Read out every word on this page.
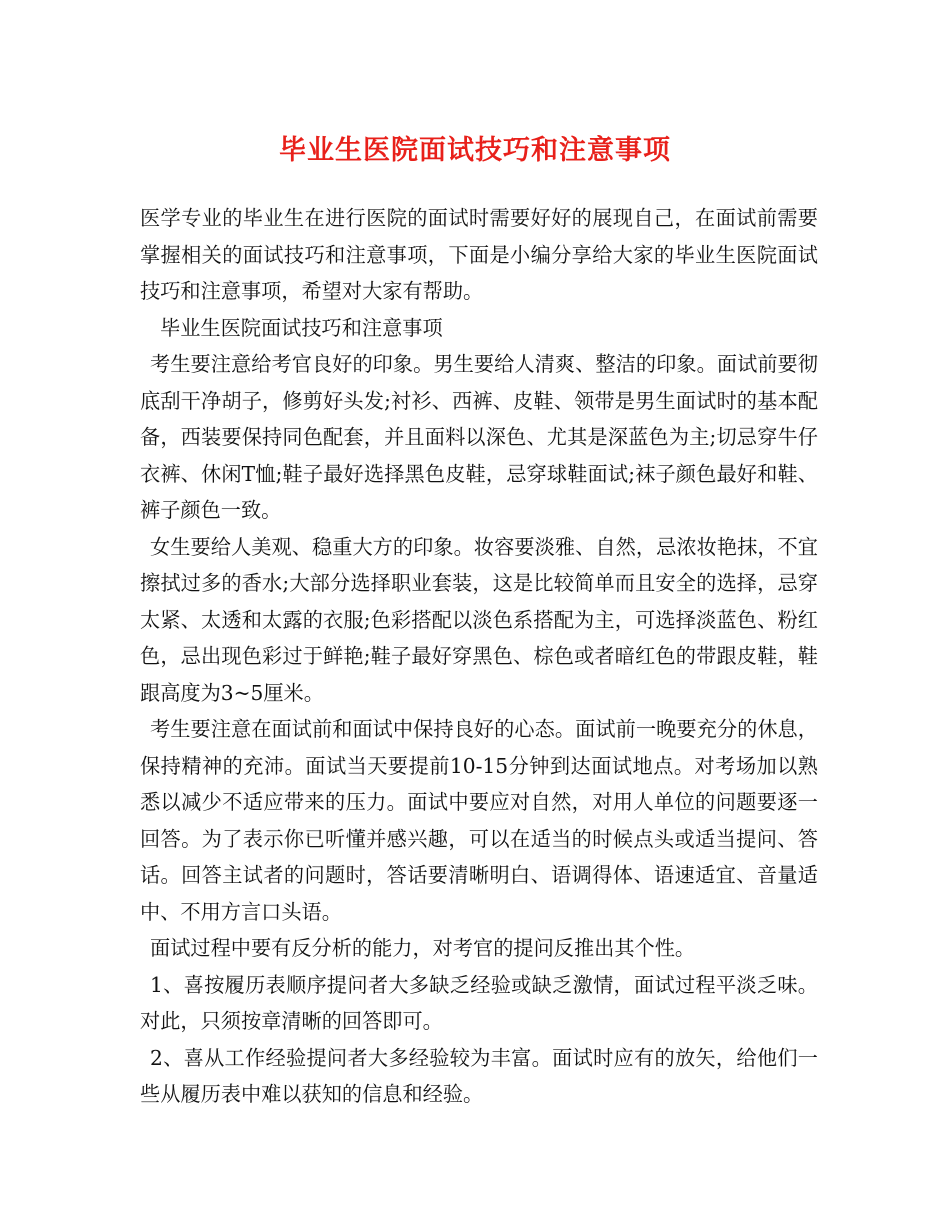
毕业生医院面试技巧和注意事项

医学专业的毕业生在进行医院的面试时需要好好的展现自己，在面试前需要掌握相关的面试技巧和注意事项，下面是小编分享给大家的毕业生医院面试技巧和注意事项，希望对大家有帮助。

毕业生医院面试技巧和注意事项

考生要注意给考官良好的印象。男生要给人清爽、整洁的印象。面试前要彻底刮干净胡子，修剪好头发;衬衫、西裤、皮鞋、领带是男生面试时的基本配备，西装要保持同色配套，并且面料以深色、尤其是深蓝色为主;切忌穿牛仔衣裤、休闲T恤;鞋子最好选择黑色皮鞋，忌穿球鞋面试;袜子颜色最好和鞋、裤子颜色一致。

女生要给人美观、稳重大方的印象。妆容要淡雅、自然，忌浓妆艳抹，不宜擦拭过多的香水;大部分选择职业套装，这是比较简单而且安全的选择，忌穿太紧、太透和太露的衣服;色彩搭配以淡色系搭配为主，可选择淡蓝色、粉红色，忌出现色彩过于鲜艳;鞋子最好穿黑色、棕色或者暗红色的带跟皮鞋，鞋跟高度为3~5厘米。

考生要注意在面试前和面试中保持良好的心态。面试前一晚要充分的休息，保持精神的充沛。面试当天要提前10-15分钟到达面试地点。对考场加以熟悉以减少不适应带来的压力。面试中要应对自然，对用人单位的问题要逐一回答。为了表示你已听懂并感兴趣，可以在适当的时候点头或适当提问、答话。回答主试者的问题时，答话要清晰明白、语调得体、语速适宜、音量适中、不用方言口头语。

面试过程中要有反分析的能力，对考官的提问反推出其个性。

1、喜按履历表顺序提问者大多缺乏经验或缺乏激情，面试过程平淡乏味。对此，只须按章清晰的回答即可。

2、喜从工作经验提问者大多经验较为丰富。面试时应有的放矢，给他们一些从履历表中难以获知的信息和经验。
